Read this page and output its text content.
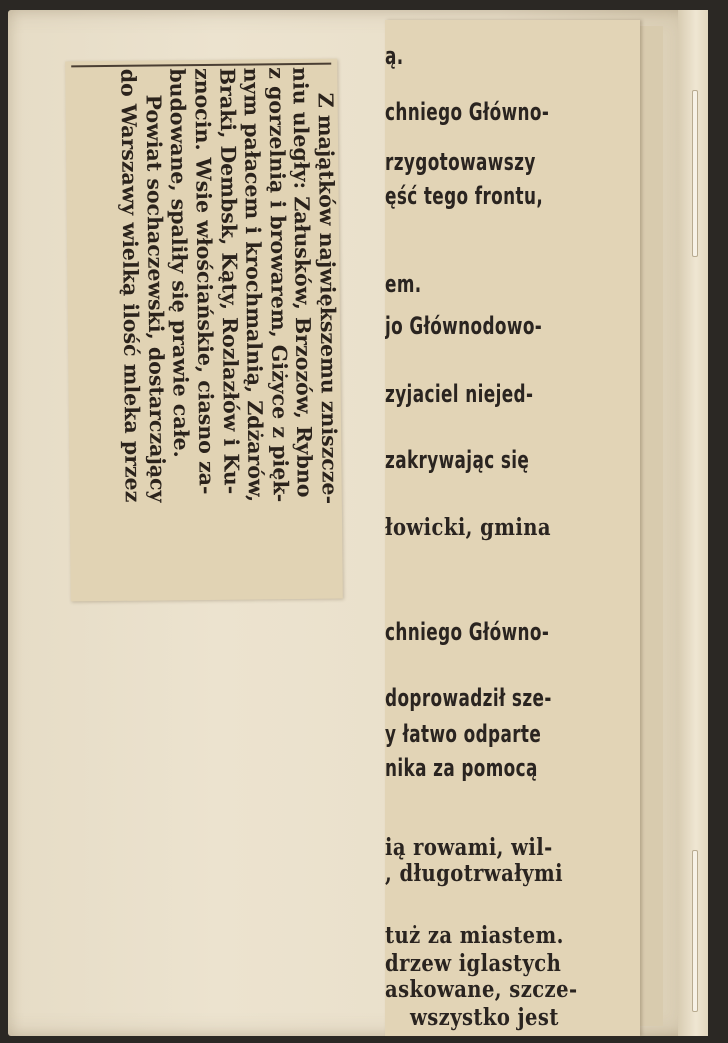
ą.
chniego Główno-
rzygotowawszy
ęść tego frontu,
em.
jo Głównodowo-
zyjaciel niejed-
zakrywając się
łowicki, gmina
chniego Główno-
doprowadził sze-
y łatwo odparte
nika za pomocą
ią rowami, wil-
, długotrwałymi
tuż za miastem.
drzew iglastych
askowane, szcze-
wszystko jest
Z majątków największemu zniszcze-
niu uległy: Załusków, Brzozów, Rybno
z gorzelnią i browarem, Giżyce z pięk-
nym pałacem i krochmalnią, Zdżarów,
Braki, Dembsk, Kąty, Rozlazłów i Ku-
znocin. Wsie włościańskie, ciasno za-
budowane, spaliły się prawie całe.
Powiat sochaczewski, dostarczający
do Warszawy wielką ilość mleka przez
